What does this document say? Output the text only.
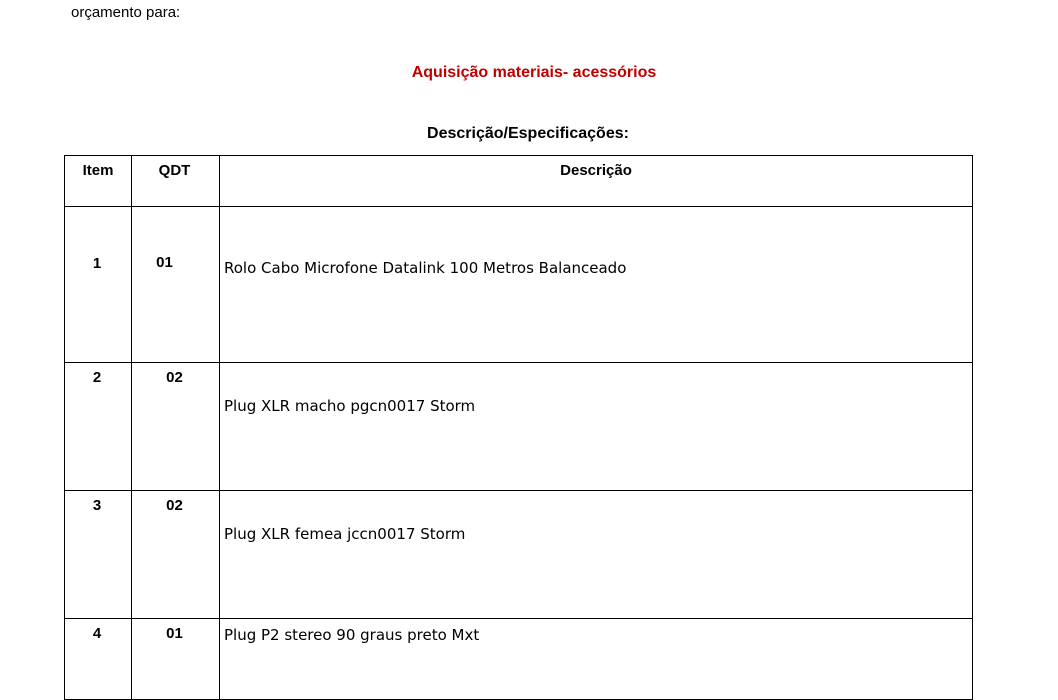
orçamento para:
Aquisição materiais- acessórios
Descrição/Especificações:
Item	QDT	Descrição

1	01	Rolo Cabo Microfone Datalink 100 Metros Balanceado

2	02	Plug XLR macho pgcn0017 Storm

3	02	Plug XLR femea jccn0017 Storm

4	01	Plug P2 stereo 90 graus preto Mxt
